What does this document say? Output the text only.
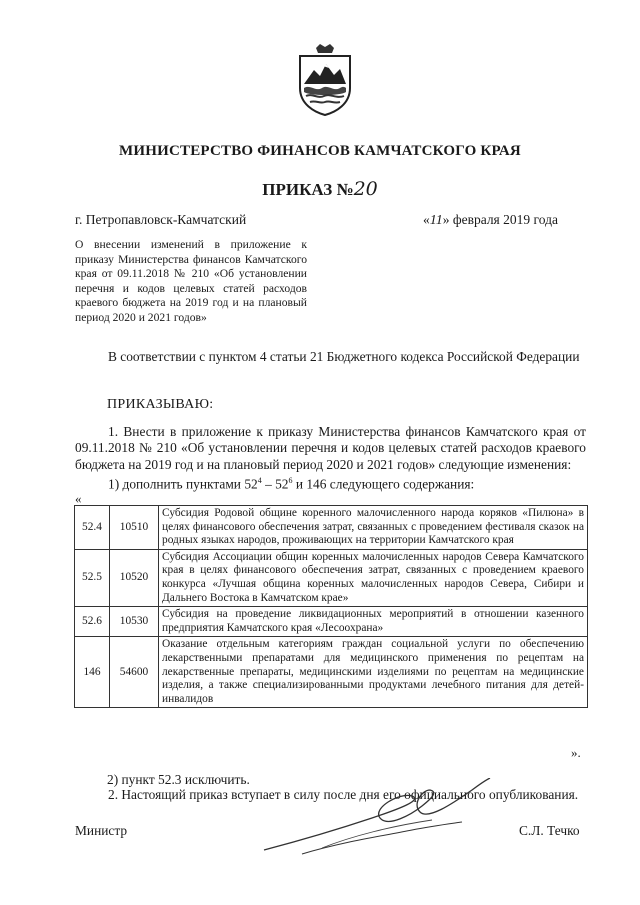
МИНИСТЕРСТВО ФИНАНСОВ КАМЧАТСКОГО КРАЯ
ПРИКАЗ №20
г. Петропавловск-Камчатский	«11» февраля 2019 года
О внесении изменений в приложение к приказу Министерства финансов Камчатского края от 09.11.2018 № 210 «Об установлении перечня и кодов целевых статей расходов краевого бюджета на 2019 год и на плановый период 2020 и 2021 годов»
В соответствии с пунктом 4 статьи 21 Бюджетного кодекса Российской Федерации
ПРИКАЗЫВАЮ:
1. Внести в приложение к приказу Министерства финансов Камчатского края от 09.11.2018 № 210 «Об установлении перечня и кодов целевых статей расходов краевого бюджета на 2019 год и на плановый период 2020 и 2021 годов» следующие изменения:
1) дополнить пунктами $52^4 - 52^6$ и 146 следующего содержания:
«
52.4	10510	Субсидия Родовой общине коренного малочисленного народа коряков «Пилюна» в целях финансового обеспечения затрат, связанных с проведением фестиваля сказок на родных языках народов, проживающих на территории Камчатского края
52.5	10520	Субсидия Ассоциации общин коренных малочисленных народов Севера Камчатского края в целях финансового обеспечения затрат, связанных с проведением краевого конкурса «Лучшая община коренных малочисленных народов Севера, Сибири и Дальнего Востока в Камчатском крае»
52.6	10530	Субсидия на проведение ликвидационных мероприятий в отношении казенного предприятия Камчатского края «Лесоохрана»
146	54600	Оказание отдельным категориям граждан социальной услуги по обеспечению лекарственными препаратами для медицинского применения по рецептам на лекарственные препараты, медицинскими изделиями по рецептам на медицинские изделия, а также специализированными продуктами лечебного питания для детей-инвалидов
».
2) пункт 52.3 исключить.
2. Настоящий приказ вступает в силу после дня его официального опубликования.
Министр	С.Л. Течко
